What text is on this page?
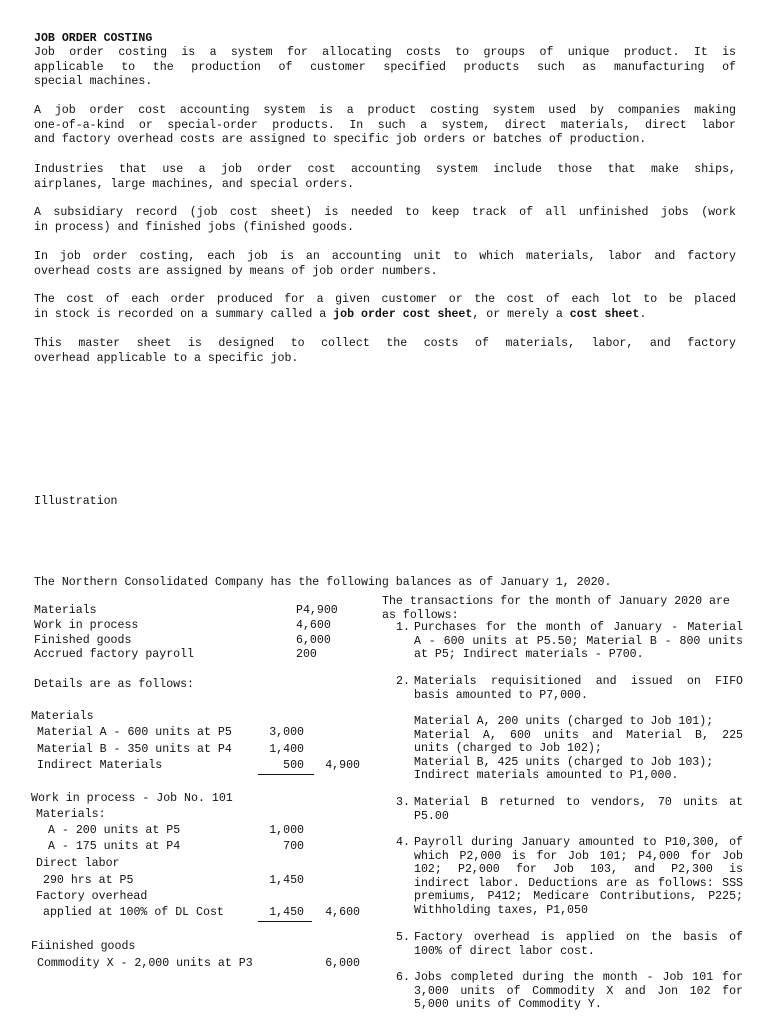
JOB ORDER COSTING
Job order costing is a system for allocating costs to groups of unique product. It is
applicable to the production of customer specified products such as manufacturing of
special machines.
A job order cost accounting system is a product costing system used by companies making
one-of-a-kind or special-order products. In such a system, direct materials, direct labor
and factory overhead costs are assigned to specific job orders or batches of production.
Industries that use a job order cost accounting system include those that make ships,
airplanes, large machines, and special orders.
A subsidiary record (job cost sheet) is needed to keep track of all unfinished jobs (work
in process) and finished jobs (finished goods.
In job order costing, each job is an accounting unit to which materials, labor and factory
overhead costs are assigned by means of job order numbers.
The cost of each order produced for a given customer or the cost of each lot to be placed
in stock is recorded on a summary called a job order cost sheet, or merely a cost sheet.
This master sheet is designed to collect the costs of materials, labor, and factory
overhead applicable to a specific job.
Illustration
The Northern Consolidated Company has the following balances as of January 1, 2020.
Materials	P4,900
Work in process	4,600
Finished goods	6,000
Accrued factory payroll	200
Details are as follows:
Materials
Material A - 600 units at P5	3,000
Material B - 350 units at P4	1,400
Indirect Materials	500	4,900
Work in process - Job No. 101
Materials:
A - 200 units at P5	1,000
A - 175 units at P4	700
Direct labor
290 hrs at P5	1,450
Factory overhead
applied at 100% of DL Cost	1,450	4,600
Fiinished goods
Commodity X - 2,000 units at P3	6,000
The transactions for the month of January 2020 are
as follows:
1. Purchases for the month of January - Material
A - 600 units at P5.50; Material B - 800 units
at P5; Indirect materials - P700.
2. Materials requisitioned and issued on FIFO
basis amounted to P7,000.
Material A, 200 units (charged to Job 101);
Material A, 600 units and Material B, 225
units (charged to Job 102);
Material B, 425 units (charged to Job 103);
Indirect materials amounted to P1,000.
3. Material B returned to vendors, 70 units at
P5.00
4. Payroll during January amounted to P10,300, of
which P2,000 is for Job 101; P4,000 for Job
102; P2,000 for Job 103, and P2,300 is
indirect labor. Deductions are as follows: SSS
premiums, P412; Medicare Contributions, P225;
Withholding taxes, P1,050
5. Factory overhead is applied on the basis of
100% of direct labor cost.
6. Jobs completed during the month - Job 101 for
3,000 units of Commodity X and Jon 102 for
5,000 units of Commodity Y.
